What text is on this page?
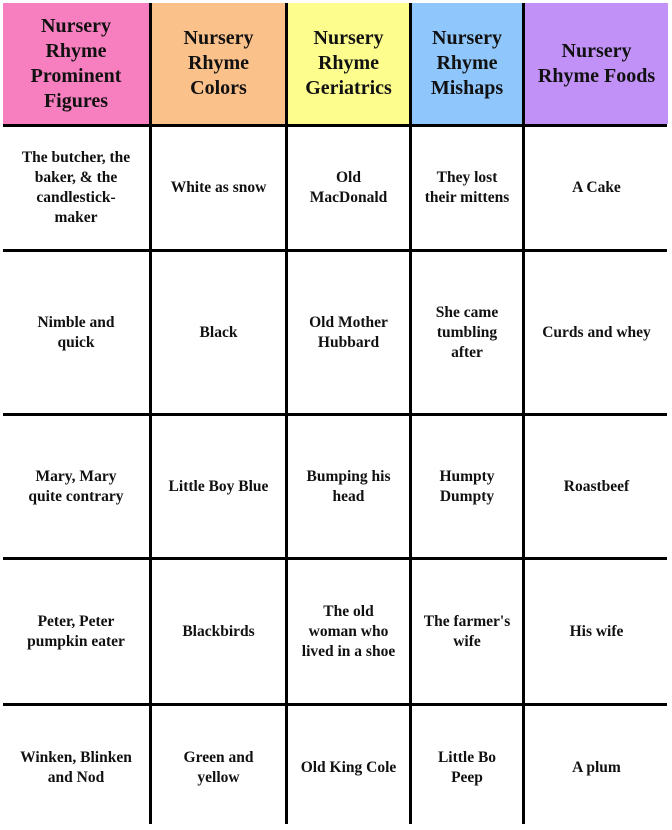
Nursery
Rhyme
Prominent
Figures
Nursery
Rhyme
Colors
Nursery
Rhyme
Geriatrics
Nursery
Rhyme
Mishaps
Nursery
Rhyme Foods
The butcher, the
baker, & the
candlestick-
maker
White as snow
Old
MacDonald
They lost
their mittens
A Cake
Nimble and
quick
Black
Old Mother
Hubbard
She came
tumbling
after
Curds and whey
Mary, Mary
quite contrary
Little Boy Blue
Bumping his
head
Humpty
Dumpty
Roastbeef
Peter, Peter
pumpkin eater
Blackbirds
The old
woman who
lived in a shoe
The farmer's
wife
His wife
Winken, Blinken
and Nod
Green and
yellow
Old King Cole
Little Bo
Peep
A plum
